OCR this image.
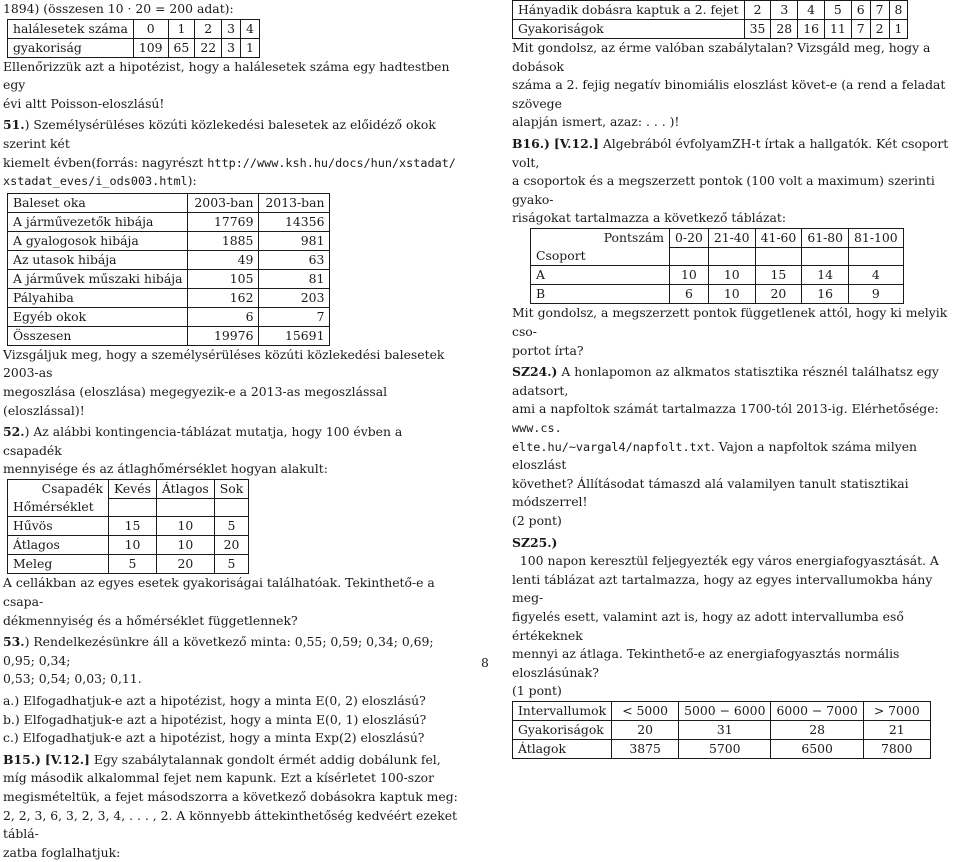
1894) (összesen 10 · 20 = 200 adat):

halálesetek száma	0	1	2	3	4
gyakoriság	109	65	22	3	1

Ellenőrizzük azt a hipotézist, hogy a halálesetek száma egy hadtestben egy

évi altt Poisson-eloszlású!

51.) Személysérüléses közúti közlekedési balesetek az előidéző okok szerint két

kiemelt évben(forrás: nagyrészt http://www.ksh.hu/docs/hun/xstadat/

xstadat_eves/i_ods003.html):

Baleset oka	2003-ban	2013-ban
A járművezetők hibája	17769	14356
A gyalogosok hibája	1885	981
Az utasok hibája	49	63
A járművek műszaki hibája	105	81
Pályahiba	162	203
Egyéb okok	6	7
Összesen	19976	15691

Vizsgáljuk meg, hogy a személysérüléses közúti közlekedési balesetek 2003-as

megoszlása (eloszlása) megegyezik-e a 2013-as megoszlással (eloszlással)!

52.) Az alábbi kontingencia-táblázat mutatja, hogy 100 évben a csapadék

mennyisége és az átlaghőmérséklet hogyan alakult:

Csapadék	Kevés	Átlagos	Sok
Hőmérséklet			
Hűvös	15	10	5
Átlagos	10	10	20
Meleg	5	20	5

A cellákban az egyes esetek gyakoriságai találhatóak. Tekinthető-e a csapa-

dékmennyiség és a hőmérséklet függetlennek?

53.) Rendelkezésünkre áll a következő minta: 0,55; 0,59; 0,34; 0,69; 0,95; 0,34;

0,53; 0,54; 0,03; 0,11.

a.) Elfogadhatjuk-e azt a hipotézist, hogy a minta E(0, 2) eloszlású?

b.) Elfogadhatjuk-e azt a hipotézist, hogy a minta E(0, 1) eloszlású?

c.) Elfogadhatjuk-e azt a hipotézist, hogy a minta Exp(2) eloszlású?

B15.) [V.12.] Egy szabálytalannak gondolt érmét addig dobálunk fel,

míg második alkalommal fejet nem kapunk. Ezt a kísérletet 100-szor

megismételtük, a fejet másodszorra a következő dobásokra kaptuk meg:

2, 2, 3, 6, 3, 2, 3, 4, . . . , 2. A könnyebb áttekinthetőség kedvéért ezeket táblá-

zatba foglalhatjuk:

Hányadik dobásra kaptuk a 2. fejet	2	3	4	5	6	7	8
Gyakoriságok	35	28	16	11	7	2	1

Mit gondolsz, az érme valóban szabálytalan? Vizsgáld meg, hogy a dobások

száma a 2. fejig negatív binomiális eloszlást követ-e (a rend a feladat szövege

alapján ismert, azaz: . . . )!

B16.) [V.12.] Algebrából évfolyamZH-t írtak a hallgatók. Két csoport volt,

a csoportok és a megszerzett pontok (100 volt a maximum) szerinti gyako-

riságokat tartalmazza a következő táblázat:

Pontszám	0-20	21-40	41-60	61-80	81-100
Csoport					
A	10	10	15	14	4
B	6	10	20	16	9

Mit gondolsz, a megszerzett pontok függetlenek attól, hogy ki melyik cso-

portot írta?

SZ24.) A honlapomon az alkmatos statisztika résznél találhatsz egy adatsort,

ami a napfoltok számát tartalmazza 1700-tól 2013-ig. Elérhetősége: www.cs.

elte.hu/~vargal4/napfolt.txt. Vajon a napfoltok száma milyen eloszlást

követhet? Állításodat támaszd alá valamilyen tanult statisztikai módszerrel!

(2 pont)

SZ25.)  100 napon keresztül feljegyezték egy város energiafogyasztását. A

lenti táblázat azt tartalmazza, hogy az egyes intervallumokba hány meg-

figyelés esett, valamint azt is, hogy az adott intervallumba eső értékeknek

mennyi az átlaga. Tekinthető-e az energiafogyasztás normális eloszlásúnak?

(1 pont)

Intervallumok	< 5000	5000 − 6000	6000 − 7000	> 7000
Gyakoriságok	20	31	28	21
Átlagok	3875	5700	6500	7800
8
